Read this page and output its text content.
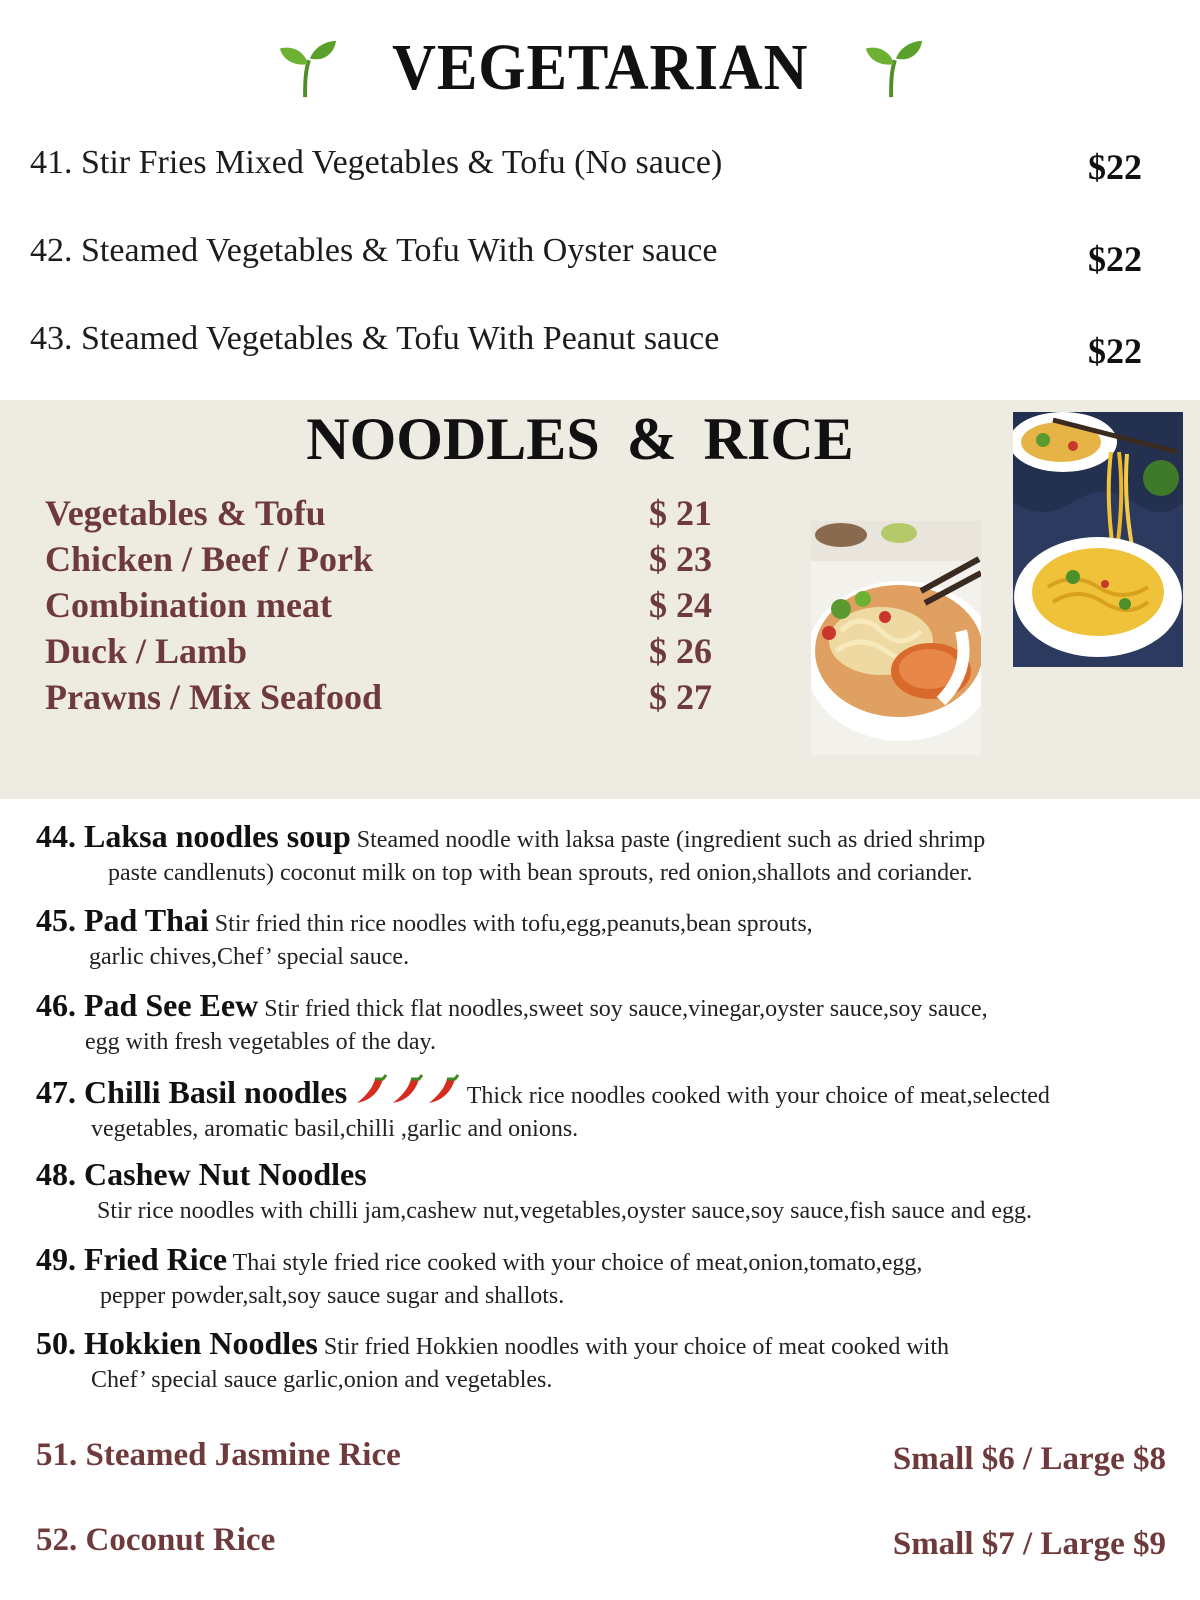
VEGETARIAN
41. Stir Fries Mixed Vegetables & Tofu (No sauce)	$22
42. Steamed Vegetables & Tofu With Oyster sauce	$22
43. Steamed Vegetables & Tofu With Peanut sauce	$22
NOODLES & RICE
Vegetables & Tofu	$ 21
Chicken / Beef / Pork	$ 23
Combination meat	$ 24
Duck / Lamb	$ 26
Prawns / Mix Seafood	$ 27
44. Laksa noodles soup Steamed noodle with laksa paste (ingredient such as dried shrimp
paste candlenuts) coconut milk on top with bean sprouts, red onion,shallots and coriander.
45. Pad Thai Stir fried thin rice noodles with tofu,egg,peanuts,bean sprouts,
garlic chives,Chef’ special sauce.
46. Pad See Eew Stir fried thick flat noodles,sweet soy sauce,vinegar,oyster sauce,soy sauce,
egg with fresh vegetables of the day.
47. Chilli Basil noodles	Thick rice noodles cooked with your choice of meat,selected
vegetables, aromatic basil,chilli ,garlic and onions.
48. Cashew Nut Noodles
Stir rice noodles with chilli jam,cashew nut,vegetables,oyster sauce,soy sauce,fish sauce and egg.
49. Fried Rice Thai style fried rice cooked with your choice of meat,onion,tomato,egg,
pepper powder,salt,soy sauce sugar and shallots.
50. Hokkien Noodles Stir fried Hokkien noodles with your choice of meat cooked with
Chef’ special sauce garlic,onion and vegetables.
51. Steamed Jasmine Rice	Small $6 / Large $8
52. Coconut Rice	Small $7 / Large $9
